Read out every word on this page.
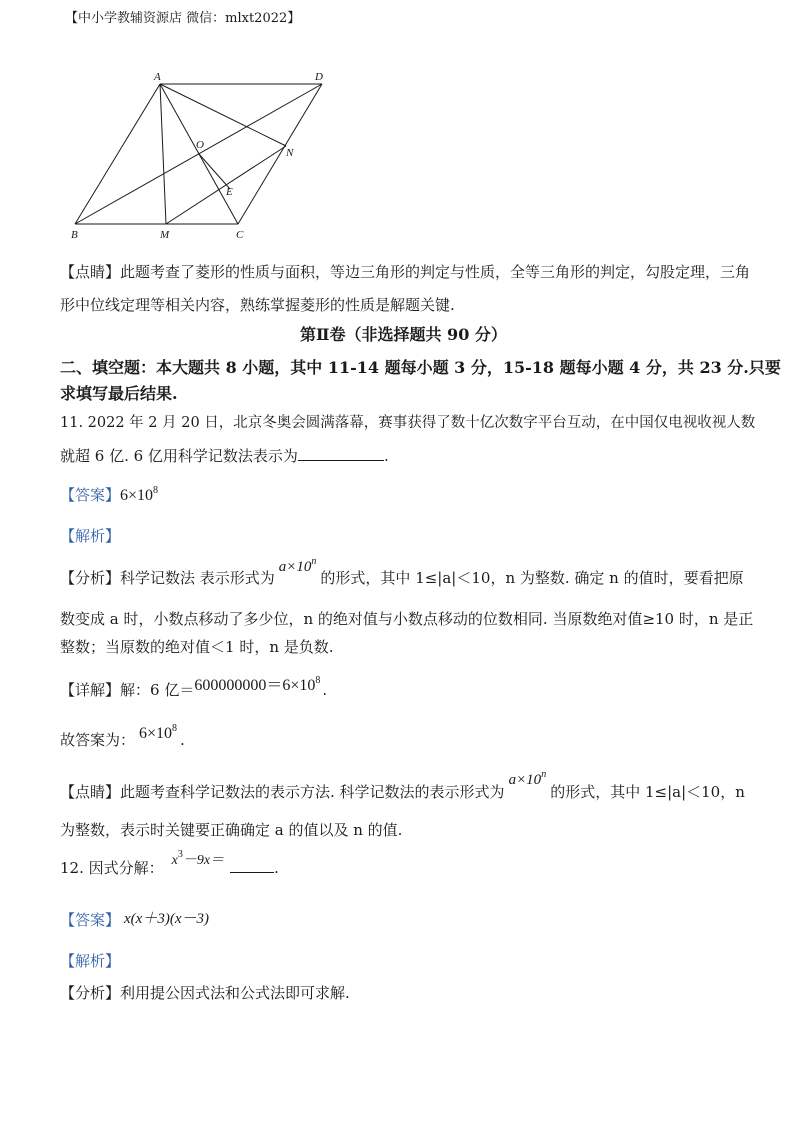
【中小学教辅资源店 微信：mlxt2022】
A	D
O
N
E
B	M	C
【点睛】此题考查了菱形的性质与面积，等边三角形的判定与性质，全等三角形的判定，勾股定理，三角
形中位线定理等相关内容，熟练掌握菱形的性质是解题关键.
第Ⅱ卷（非选择题共 90 分）
二、填空题：本大题共 8 小题，其中 11-14 题每小题 3 分，15-18 题每小题 4 分，共 23 分.只要
求填写最后结果.
11. 2022 年 2 月 20 日，北京冬奥会圆满落幕，赛事获得了数十亿次数字平台互动，在中国仅电视收视人数
就超 6 亿. 6 亿用科学记数法表示为	.
【答案】$6\times 10^8$
【解析】
【分析】科学记数法 表示形式为$a\times 10^n$的形式，其中 1≤|a|＜10，n 为整数. 确定 n 的值时，要看把原
数变成 a 时，小数点移动了多少位，n 的绝对值与小数点移动的位数相同. 当原数绝对值≥10 时，n 是正
整数；当原数的绝对值＜1 时，n 是负数.
【详解】解：6 亿$=600000000=6\times 10^8$.
故答案为： $6\times 10^8$.
【点睛】此题考查科学记数法的表示方法. 科学记数法的表示形式为$a\times 10^n$的形式，其中 1≤|a|＜10，n
为整数，表示时关键要正确确定 a 的值以及 n 的值.
12. 因式分解： $x^3-9x=$	.
【答案】 x(x＋3)(x－3)
【解析】
【分析】利用提公因式法和公式法即可求解.
